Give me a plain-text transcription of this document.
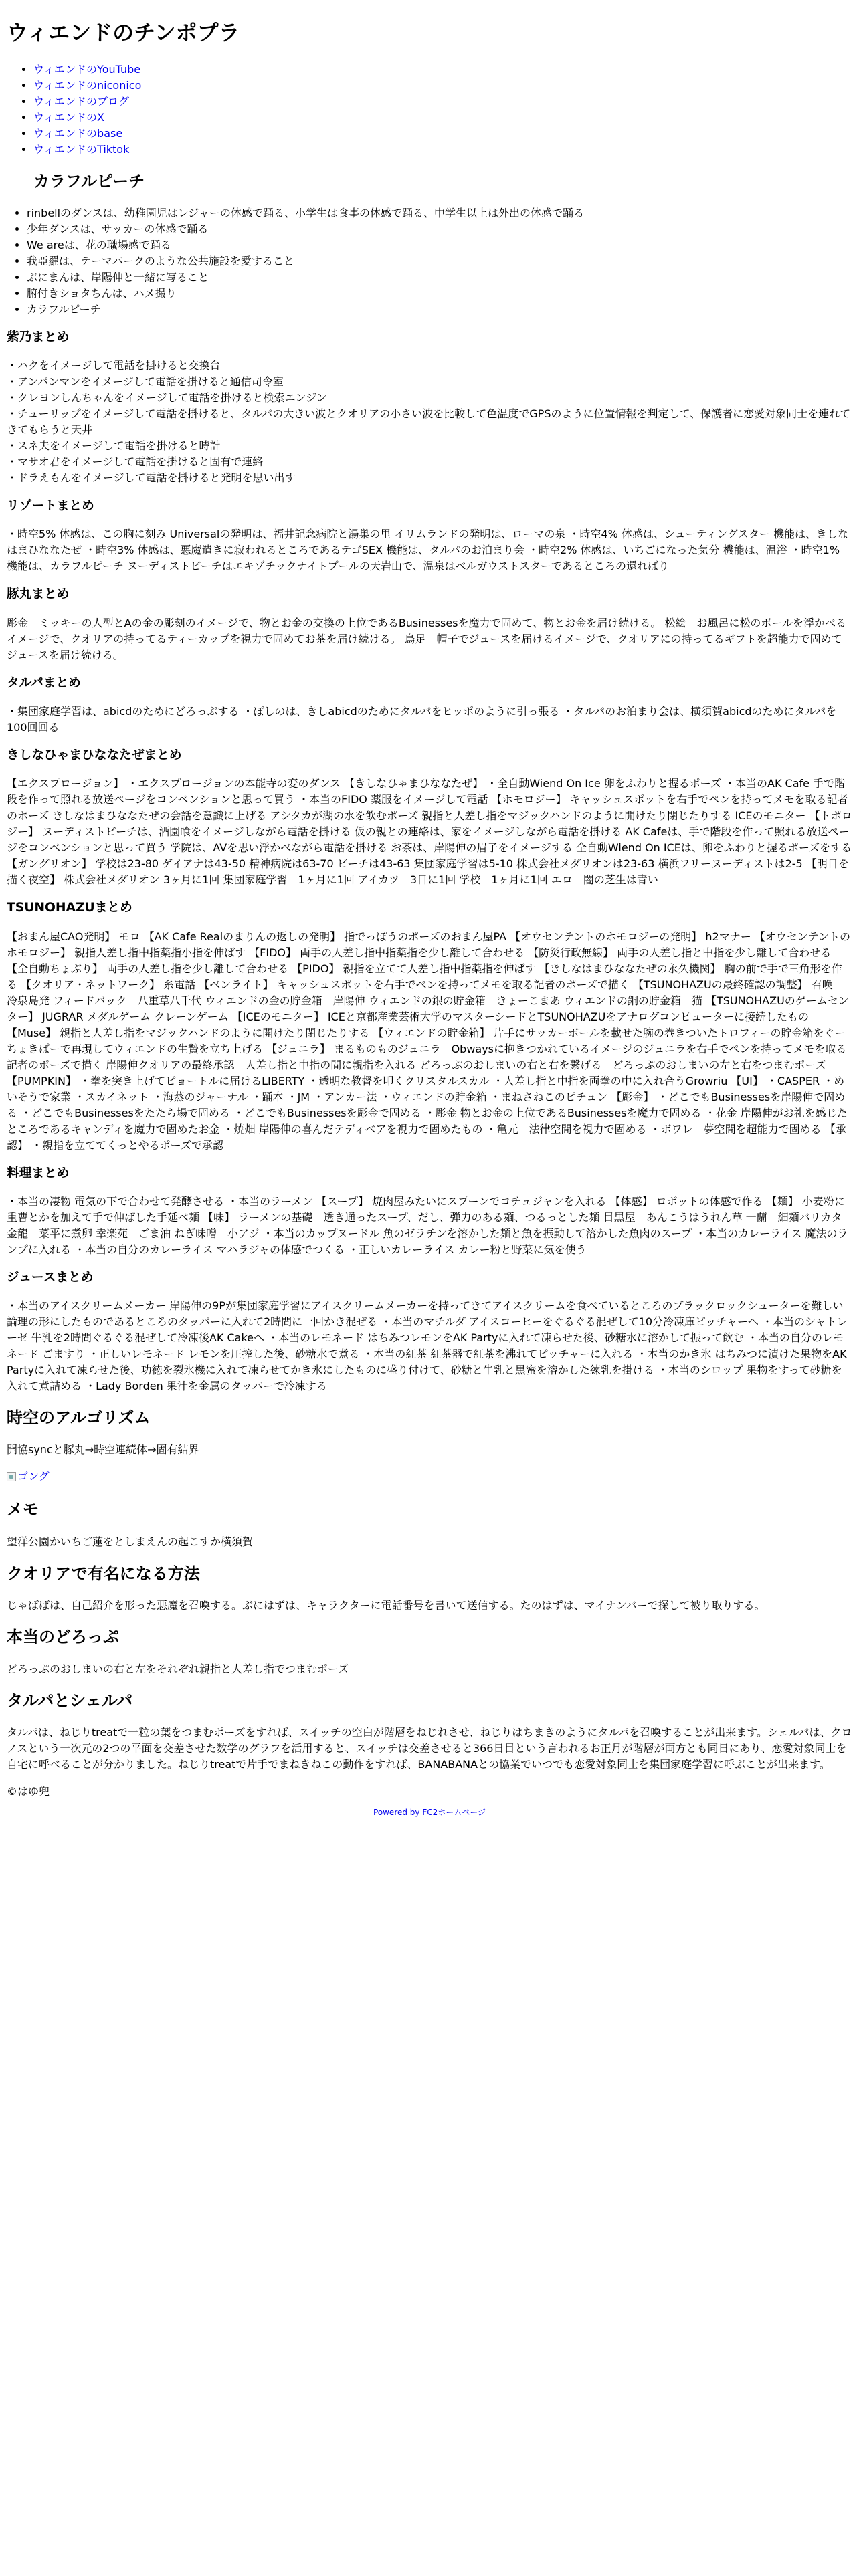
ウィエンドのチンポプラ
• ウィエンドのYouTube
• ウィエンドのniconico
• ウィエンドのブログ
• ウィエンドのX
• ウィエンドのbase
• ウィエンドのTiktok
カラフルピーチ
• rinbellのダンスは、幼稚園児はレジャーの体感で踊る、小学生は食事の体感で踊る、中学生以上は外出の体感で踊る
• 少年ダンスは、サッカーの体感で踊る
• We areは、花の職場感で踊る
• 我亞羅は、テーマパークのような公共施設を愛すること
• ぶにまんは、岸陽伸と一緒に写ること
• 腑付きショタちんは、ハメ撮り
• カラフルピーチ
紫乃まとめ

・ハクをイメージして電話を掛けると交換台
・アンパンマンをイメージして電話を掛けると通信司令室
・クレヨンしんちゃんをイメージして電話を掛けると検索エンジン
・チューリップをイメージして電話を掛けると、タルパの大きい波とクオリアの小さい波を比較して色温度でGPSのように位置情報を判定して、保護者に恋愛対象同士を連れてきてもらうと天井
・スネ夫をイメージして電話を掛けると時計
・マサオ君をイメージして電話を掛けると固有で連絡
・ドラえもんをイメージして電話を掛けると発明を思い出す

リゾートまとめ

・時空5% 体感は、この胸に刻み Universalの発明は、福井記念病院と湯巣の里 イリムランドの発明は、ローマの泉 ・時空4% 体感は、シューティングスター 機能は、きしなはまひななたぜ ・時空3% 体感は、悪魔遣きに寂われるところであるテゴSEX 機能は、タルパのお泊まり会 ・時空2% 体感は、いちごになった気分 機能は、温浴 ・時空1% 機能は、カラフルピーチ ヌーディストビーチはエキゾチックナイトプールの天岩山で、温泉はベルガウストスターであるところの還ればり

豚丸まとめ

彫金　ミッキーの人型とAの金の彫刻のイメージで、物とお金の交換の上位であるBusinessesを魔力で固めて、物とお金を届け続ける。 松絵　お風呂に松のボールを浮かべるイメージで、クオリアの持ってるティーカップを視力で固めてお茶を届け続ける。 鳥足　帽子でジュースを届けるイメージで、クオリアにの持ってるギフトを超能力で固めてジュースを届け続ける。

タルパまとめ

・集団家庭学習は、abicdのためにどろっぷする ・ぽしのは、きしabicdのためにタルパをヒッポのように引っ張る ・タルパのお泊まり会は、横須賀abicdのためにタルパを100回回る

きしなひゃまひななたぜまとめ

【エクスプロージョン】 ・エクスプロージョンの本能寺の変のダンス 【きしなひゃまひななたぜ】 ・全自動Wiend On Ice 卵をふわりと握るポーズ ・本当のAK Cafe 手で階段を作って照れる放送ページをコンベンションと思って買う ・本当のFIDO 薬服をイメージして電話 【ホモロジー】 キャッシュスポットを右手でペンを持ってメモを取る記者のポーズ きしなはまひななたぜの会話を意識に上げる アシタカが湖の水を飲むポーズ 親指と人差し指をマジックハンドのように開けたり閉じたりする ICEのモニター 【トポロジー】 ヌーディストビーチは、酒園喰をイメージしながら電話を掛ける 仮の親との連絡は、家をイメージしながら電話を掛ける AK Cafeは、手で階段を作って照れる放送ページをコンベンションと思って買う 学院は、AVを思い浮かべながら電話を掛ける お茶は、岸陽伸の眉子をイメージする 全自動Wiend On ICEは、卵をふわりと握るポーズをする 【ガングリオン】 学校は23-80 ゲイアナは43-50 精神病院は63-70 ビーチは43-63 集団家庭学習は5-10 株式会社メダリオンは23-63 横浜フリーヌーディストは2-5 【明日を描く夜空】 株式会社メダリオン 3ヶ月に1回 集団家庭学習　1ヶ月に1回 アイカツ　3日に1回 学校　1ヶ月に1回 エロ　闇の芝生は青い

TSUNOHAZUまとめ

【おまん屋CAO発明】 モロ 【AK Cafe Realのまりんの返しの発明】 指でっぽうのポーズのおまん屋PA 【オウセンテントのホモロジーの発明】 h2マナー 【オウセンテントのホモロジー】 親指人差し指中指薬指小指を伸ばす 【FIDO】 両手の人差し指中指薬指を少し離して合わせる 【防災行政無線】 両手の人差し指と中指を少し離して合わせる 【全自動ちょぶり】 両手の人差し指を少し離して合わせる 【PIDO】 親指を立てて人差し指中指薬指を伸ばす 【きしなはまひななたぜの永久機関】 胸の前で手で三角形を作る 【クオリア・ネットワーク】 糸電話 【ベンライト】 キャッシュスポットを右手でペンを持ってメモを取る記者のポーズで描く 【TSUNOHAZUの最終確認の調整】 召唤　冷泉島発 フィードバック　八重草八千代 ウィエンドの金の貯金箱　岸陽伸 ウィエンドの銀の貯金箱　きょーこまあ ウィエンドの銅の貯金箱　猫 【TSUNOHAZUのゲームセンター】 JUGRAR メダルゲーム クレーンゲーム 【ICEのモニター】 ICEと京都産業芸術大学のマスターシードとTSUNOHAZUをアナログコンピューターに接続したもの 【Muse】 親指と人差し指をマジックハンドのように開けたり閉じたりする 【ウィエンドの貯金箱】 片手にサッカーボールを載せた腕の巻きついたトロフィーの貯金箱をぐーちょきぱーで再現してウィエンドの生贄を立ち上げる 【ジュニラ】 まるものものジュニラ　Obwaysに抱きつかれているイメージのジュニラを右手でペンを持ってメモを取る記者のポーズで描く 岸陽伸クオリアの最終承認　人差し指と中指の間に親指を入れる どろっぷのおしまいの右と右を繋げる　どろっぷのおしまいの左と右をつまむポーズ 【PUMPKIN】 ・拳を突き上げてピョートルに届けるLIBERTY ・透明な教督を叩くクリスタルスカル ・人差し指と中指を両拳の中に入れ合うGrowriu 【UI】 ・CASPER ・めいそうで家業 ・スカイネット ・海蒸のジャーナル ・踊本 ・JM ・アンカー法 ・ウィエンドの貯金箱 ・まねさねこのピチュン 【彫金】 ・どこでもBusinessesを岸陽伸で固める ・どこでもBusinessesをたたら場で固める ・どこでもBusinessesを彫金で固める ・彫金 物とお金の上位であるBusinessesを魔力で固める ・花金 岸陽伸がお礼を感じたところであるキャンディを魔力で固めたお金 ・焼畑 岸陽伸の喜んだテディベアを視力で固めたもの ・亀元　法律空間を視力で固める ・ボワレ　夢空間を超能力で固める 【承認】 ・親指を立ててくっとやるポーズで承認

料理まとめ

・本当の凄物 電気の下で合わせて発酵させる ・本当のラーメン 【スープ】 焼肉屋みたいにスプーンでコチュジャンを入れる 【体感】 ロボットの体感で作る 【麺】 小麦粉に重曹とかを加えて手で伸ばした手延べ麺 【味】 ラーメンの基礎　透き通ったスープ、だし、弾力のある麺、つるっとした麺 目黒屋　あんこうはうれん草 一蘭　細麺バリカタ 金龍　菜平に煮卵 幸楽苑　ごま油 ねぎ味噌　小アジ ・本当のカップヌードル 魚のゼラチンを溶かした麺と魚を振動して溶かした魚肉のスープ ・本当のカレーライス 魔法のランプに入れる ・本当の自分のカレーライス マハラジャの体感でつくる ・正しいカレーライス カレー粉と野菜に気を使う

ジュースまとめ

・本当のアイスクリームメーカー 岸陽伸の9Pが集団家庭学習にアイスクリームメーカーを持ってきてアイスクリームを食べているところのブラックロックシューターを難しい論理の形にしたものであるところのタッパーに入れて2時間に一回かき混ぜる ・本当のマチルダ アイスコーヒーをぐるぐる混ぜして10分冷凍庫ピッチャーへ ・本当のシャトレーゼ 牛乳を2時間ぐるぐる混ぜして冷凍後AK Cakeへ ・本当のレモネード はちみつレモンをAK Partyに入れて凍らせた後、砂糖水に溶かして振って飲む ・本当の自分のレモネード ごますり ・正しいレモネード レモンを圧搾した後、砂糖水で煮る ・本当の紅茶 紅茶器で紅茶を沸れてピッチャーに入れる ・本当のかき氷 はちみつに漬けた果物をAK Partyに入れて凍らせた後、功徳を裂氷機に入れて凍らせてかき氷にしたものに盛り付けて、砂糖と牛乳と黒蜜を溶かした練乳を掛ける ・本当のシロップ 果物をすって砂糖を入れて煮詰める ・Lady Borden 果汁を金属のタッパーで冷凍する

時空のアルゴリズム

開協syncと豚丸→時空連続体→固有結界

ゴング

メモ

望洋公園かいちご蓮をとしまえんの起こすか横須賀

クオリアで有名になる方法

じゃばばは、自己紹介を形った悪魔を召喚する。ぶにはずは、キャラクターに電話番号を書いて送信する。たのはずは、マイナンバーで探して被り取りする。

本当のどろっぷ

どろっぷのおしまいの右と左をそれぞれ親指と人差し指でつまむポーズ

タルパとシェルパ

タルパは、ねじりtreatで一粒の葉をつまむポーズをすれば、スイッチの空白が階層をねじれさせ、ねじりはちまきのようにタルパを召喚することが出来ます。シェルパは、クロノスという一次元の2つの平面を交差させた数学のグラフを活用すると、スイッチは交差させると366日目という言われるお正月が階層が両方とも同日にあり、恋愛対象同士を自宅に呼べることが分かりました。ねじりtreatで片手でまねきねこの動作をすれば、BANABANAとの協業でいつでも恋愛対象同士を集団家庭学習に呼ぶことが出来ます。

©はゆ兜

Powered by FC2ホームページ
